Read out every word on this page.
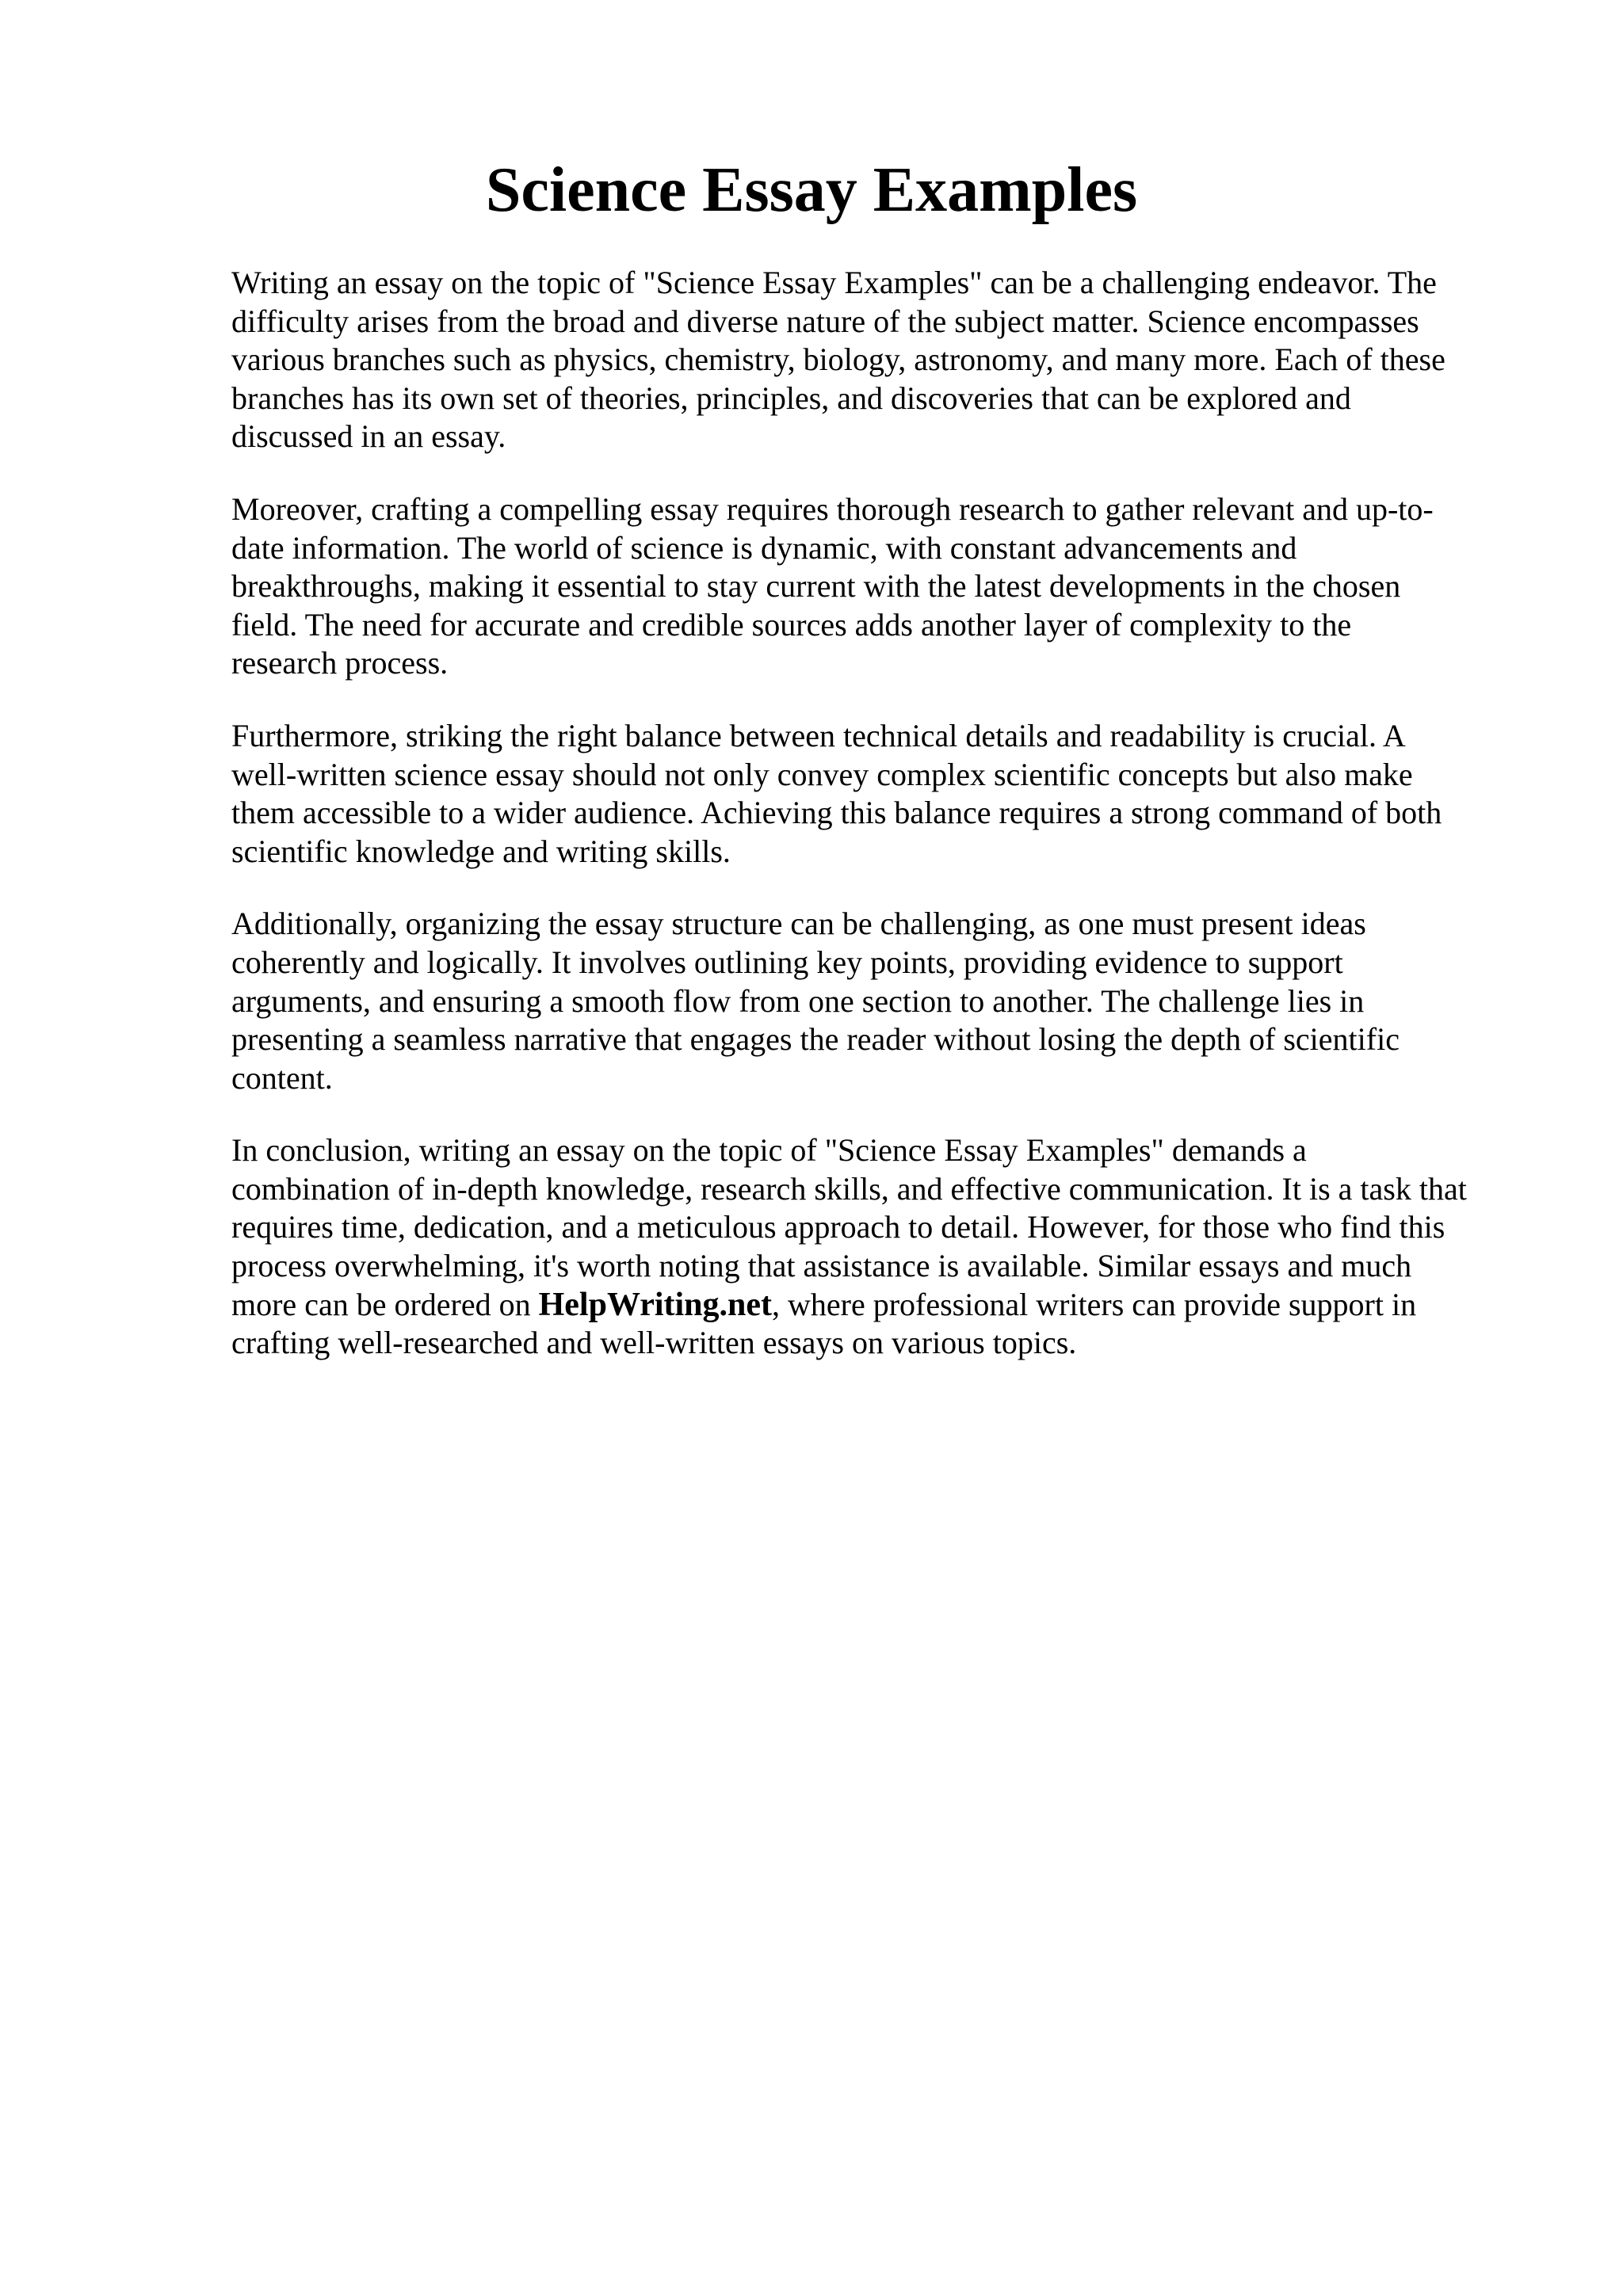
Science Essay Examples

Writing an essay on the topic of "Science Essay Examples" can be a challenging endeavor. The
difficulty arises from the broad and diverse nature of the subject matter. Science encompasses
various branches such as physics, chemistry, biology, astronomy, and many more. Each of these
branches has its own set of theories, principles, and discoveries that can be explored and
discussed in an essay.

Moreover, crafting a compelling essay requires thorough research to gather relevant and up-to-
date information. The world of science is dynamic, with constant advancements and
breakthroughs, making it essential to stay current with the latest developments in the chosen
field. The need for accurate and credible sources adds another layer of complexity to the
research process.

Furthermore, striking the right balance between technical details and readability is crucial. A
well-written science essay should not only convey complex scientific concepts but also make
them accessible to a wider audience. Achieving this balance requires a strong command of both
scientific knowledge and writing skills.

Additionally, organizing the essay structure can be challenging, as one must present ideas
coherently and logically. It involves outlining key points, providing evidence to support
arguments, and ensuring a smooth flow from one section to another. The challenge lies in
presenting a seamless narrative that engages the reader without losing the depth of scientific
content.

In conclusion, writing an essay on the topic of "Science Essay Examples" demands a
combination of in-depth knowledge, research skills, and effective communication. It is a task that
requires time, dedication, and a meticulous approach to detail. However, for those who find this
process overwhelming, it's worth noting that assistance is available. Similar essays and much
more can be ordered on HelpWriting.net, where professional writers can provide support in
crafting well-researched and well-written essays on various topics.
